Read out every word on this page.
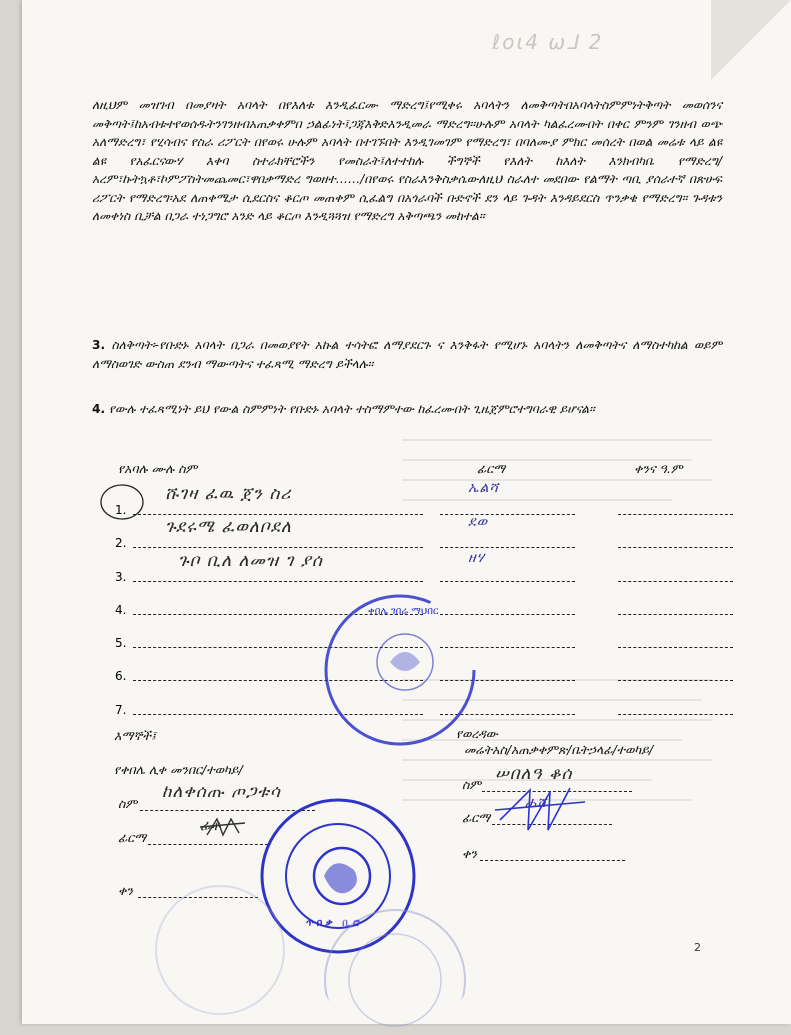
ℓoι4 ω⅃ 2
ለዚህም መዝገብ በመያዛት አባላት በየእለቱ እንዲፈርሙ ማድረግ፤የሚቀሩ አባላትን ለመቅጣትበአባላትስምምነትቅጣት መወሰንና መቅጣት፤ከአብቱተየወሰዱትንገንዘብአጠቃቀምበ ኃልፊነት፤ጋጃእቅድእንዲመራ ማድረግ፡፡ሁሉም አባላት ካልፈረሙበት በቀር ምንም ገንዘብ ወጭ አለማድረግ፣ የሂሳብና የስራ ሪፖርት በየወሩ ሁሉም አባላት በተገኙበት እንዲገመገም የማድረግ፣ በባለሙያ ምክር መሰረት በወል መሬቱ ላይ ልዩ ልዩ የአፈርናውሃ እቀባ ስተራክቸሮችን የመስራት፤ለተተከሉ ችግኞች የእለት ከእለት እንክብካቤ የማድረግ/አረም፣ኩትኳቶ፣ኮምፖስትመጨመር፣ዋበቃማድረ ግወዘተ……/በየወሩ የስራእንቅስቃሴውለዚህ ስራለተ መደበው የልማት ጣቢ ያሰራተኛ በጽሁፍ ሪፖርት የማድረግ፡አደ ለጠቀሜታ ሲደርስና ቆርጦ መጠቀም ሲፈልግ በአጎራባች ቡድኖች ደን ላይ ጉዳት እንዳይደርስ ጥንቃቄ የማድረግ፡፡ ጉዳቱን ለመቀነስ ቢቻል በጋራ ተነጋግሮ አንድ ላይ ቆርጦ እንዲጓጓዝ የማድረግ አቅጣጫን መከተል፡፡
3. ስለቅጣት፡-የቡድኑ አባላት በጋራ በመወያየት አኩል ተሳትፎ ለማያደርጉ ና እንቅፋት የሚሆኑ አባላትን ለመቅጣትና ለማስተካከል ወይም ለማስወገድ ውስጠ ደንብ ማውጣትና ተፈጻሚ ማድረግ ይችላሉ፡፡
4. የውሉ ተፈጻሚነት ይህ የውል ስምምነት የቡድኑ አባላት ተስማምተው ከፈረሙበት ጊዜጀምሮተግባራዊ ይሆናል፡፡
የአባሉ ሙሉ ስም	ፊርማ	ቀንና ዓ.ም
1.
2.
3.
4.
5.
6.
7.
ሹገዛ ፈዉ ጀን ስሪ
ጉደሩሜ ፈወለቦደለ
ጉቦ ቢለ ለመዝ ገ ያሰ
ኤልሻ
ደወ
ዘሃ
እማኞች፤
የቀበሌ ሊቀ መንበር/ተወካይ/
የወረዳው
መሬትአስ/አጠቃቀምጽ/ቤትኃላፊ/ተወካይ/
ስም
ከለቀሰጡ ጦጋቱሳ
ፊርማ
ፊቶ
ቀን
ስም
ሠበለዓ ቆሰ
ፊርማ
ሐሸ
ቀን
ቀበሌ ገበሬ ማህበር
ጥበቃ ቢሮ
2
